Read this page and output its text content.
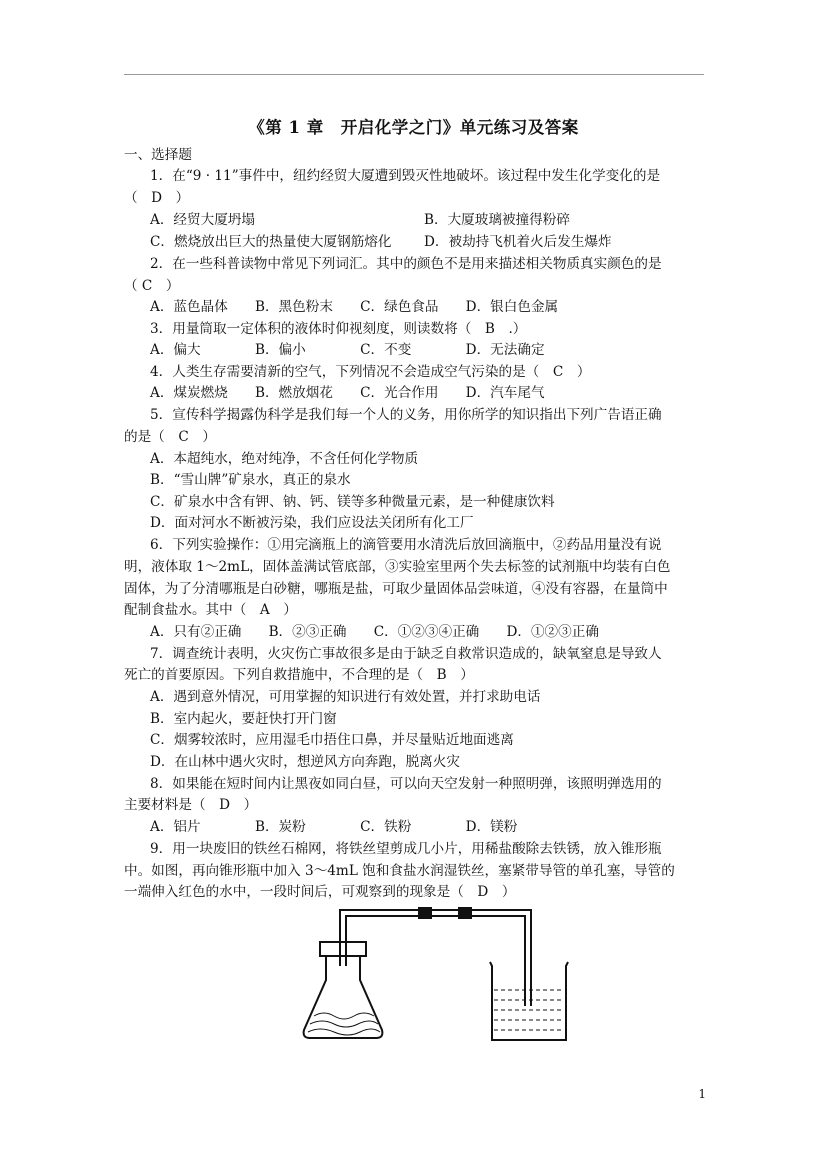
《第 1 章　开启化学之门》单元练习及答案
一、选择题
1．在“9 · 11”事件中，纽约经贸大厦遭到毁灭性地破坏。该过程中发生化学变化的是
（　D　）
A．经贸大厦坍塌	B．大厦玻璃被撞得粉碎
C．燃烧放出巨大的热量使大厦钢筋熔化 D．被劫持飞机着火后发生爆炸
2．在一些科普读物中常见下列词汇。其中的颜色不是用来描述相关物质真实颜色的是
（ C　）
A．蓝色晶体　　B．黑色粉末　　C．绿色食品　　D．银白色金属
3．用量筒取一定体积的液体时仰视刻度，则读数将（　B　.）
A．偏大　　　　B．偏小　　　　C．不变　　　　D．无法确定
4．人类生存需要清新的空气，下列情况不会造成空气污染的是（　C　）
A．煤炭燃烧　　B．燃放烟花　　C．光合作用　　D．汽车尾气
5．宣传科学揭露伪科学是我们每一个人的义务，用你所学的知识指出下列广告语正确
的是（　C　）
A．本超纯水，绝对纯净，不含任何化学物质
B．“雪山牌”矿泉水，真正的泉水
C．矿泉水中含有钾、钠、钙、镁等多种微量元素，是一种健康饮料
D．面对河水不断被污染，我们应设法关闭所有化工厂
6．下列实验操作：①用完滴瓶上的滴管要用水清洗后放回滴瓶中，②药品用量没有说
明，液体取 1～2mL，固体盖满试管底部，③实验室里两个失去标签的试剂瓶中均装有白色
固体，为了分清哪瓶是白砂糖，哪瓶是盐，可取少量固体品尝味道，④没有容器，在量筒中
配制食盐水。其中（　A　）
A．只有②正确　　B．②③正确　　C．①②③④正确　　D．①②③正确
7．调查统计表明，火灾伤亡事故很多是由于缺乏自救常识造成的，缺氧窒息是导致人
死亡的首要原因。下列自救措施中，不合理的是（　B　）
A．遇到意外情况，可用掌握的知识进行有效处置，并打求助电话
B．室内起火，要赶快打开门窗
C．烟雾较浓时，应用湿毛巾捂住口鼻，并尽量贴近地面逃离
D．在山林中遇火灾时，想逆风方向奔跑，脱离火灾
8．如果能在短时间内让黑夜如同白昼，可以向天空发射一种照明弹，该照明弹选用的
主要材料是（　D　）
A．铝片　　　　B．炭粉　　　　C．铁粉　　　　D．镁粉
9．用一块废旧的铁丝石棉网，将铁丝望剪成几小片，用稀盐酸除去铁锈，放入锥形瓶
中。如图，再向锥形瓶中加入 3～4mL 饱和食盐水润湿铁丝，塞紧带导管的单孔塞，导管的
一端伸入红色的水中，一段时间后，可观察到的现象是（　D　）
1
